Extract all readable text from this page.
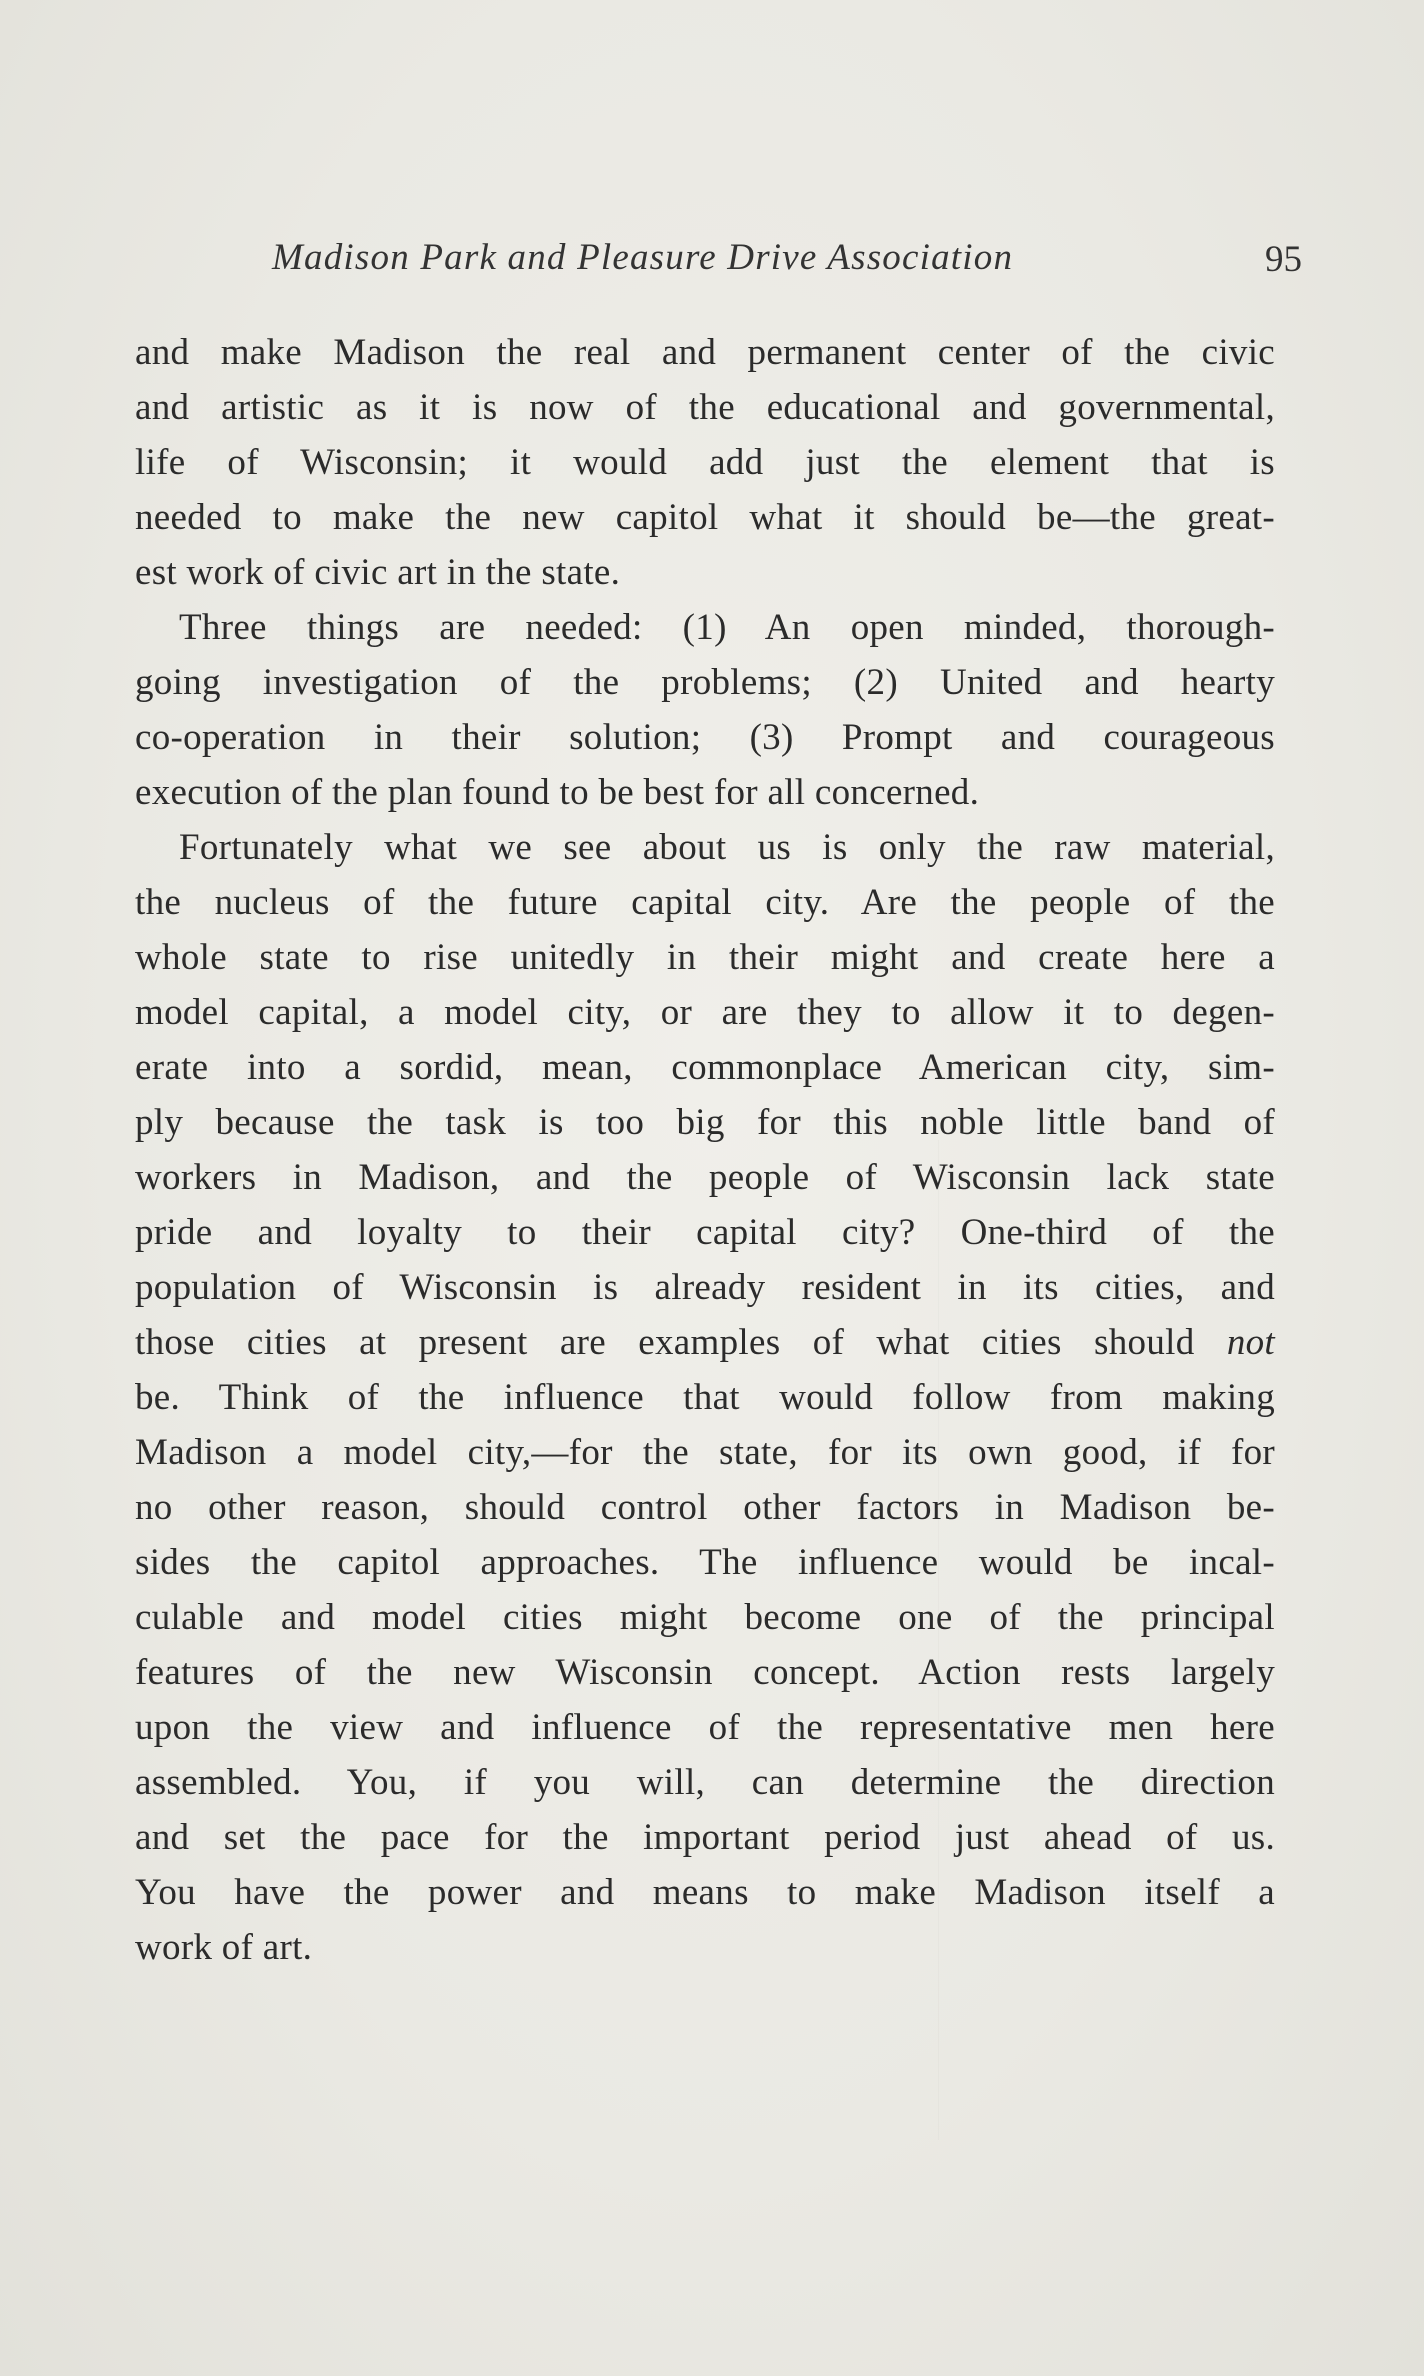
Madison Park and Pleasure Drive Association	95
and make Madison the real and permanent center of the civic
and artistic as it is now of the educational and governmental,
life of Wisconsin; it would add just the element that is
needed to make the new capitol what it should be—the great-
est work of civic art in the state.
Three things are needed: (1) An open minded, thorough-
going investigation of the problems; (2) United and hearty
co-operation in their solution; (3) Prompt and courageous
execution of the plan found to be best for all concerned.
Fortunately what we see about us is only the raw material,
the nucleus of the future capital city. Are the people of the
whole state to rise unitedly in their might and create here a
model capital, a model city, or are they to allow it to degen-
erate into a sordid, mean, commonplace American city, sim-
ply because the task is too big for this noble little band of
workers in Madison, and the people of Wisconsin lack state
pride and loyalty to their capital city? One-third of the
population of Wisconsin is already resident in its cities, and
those cities at present are examples of what cities should not
be. Think of the influence that would follow from making
Madison a model city,—for the state, for its own good, if for
no other reason, should control other factors in Madison be-
sides the capitol approaches. The influence would be incal-
culable and model cities might become one of the principal
features of the new Wisconsin concept. Action rests largely
upon the view and influence of the representative men here
assembled. You, if you will, can determine the direction
and set the pace for the important period just ahead of us.
You have the power and means to make Madison itself a
work of art.
